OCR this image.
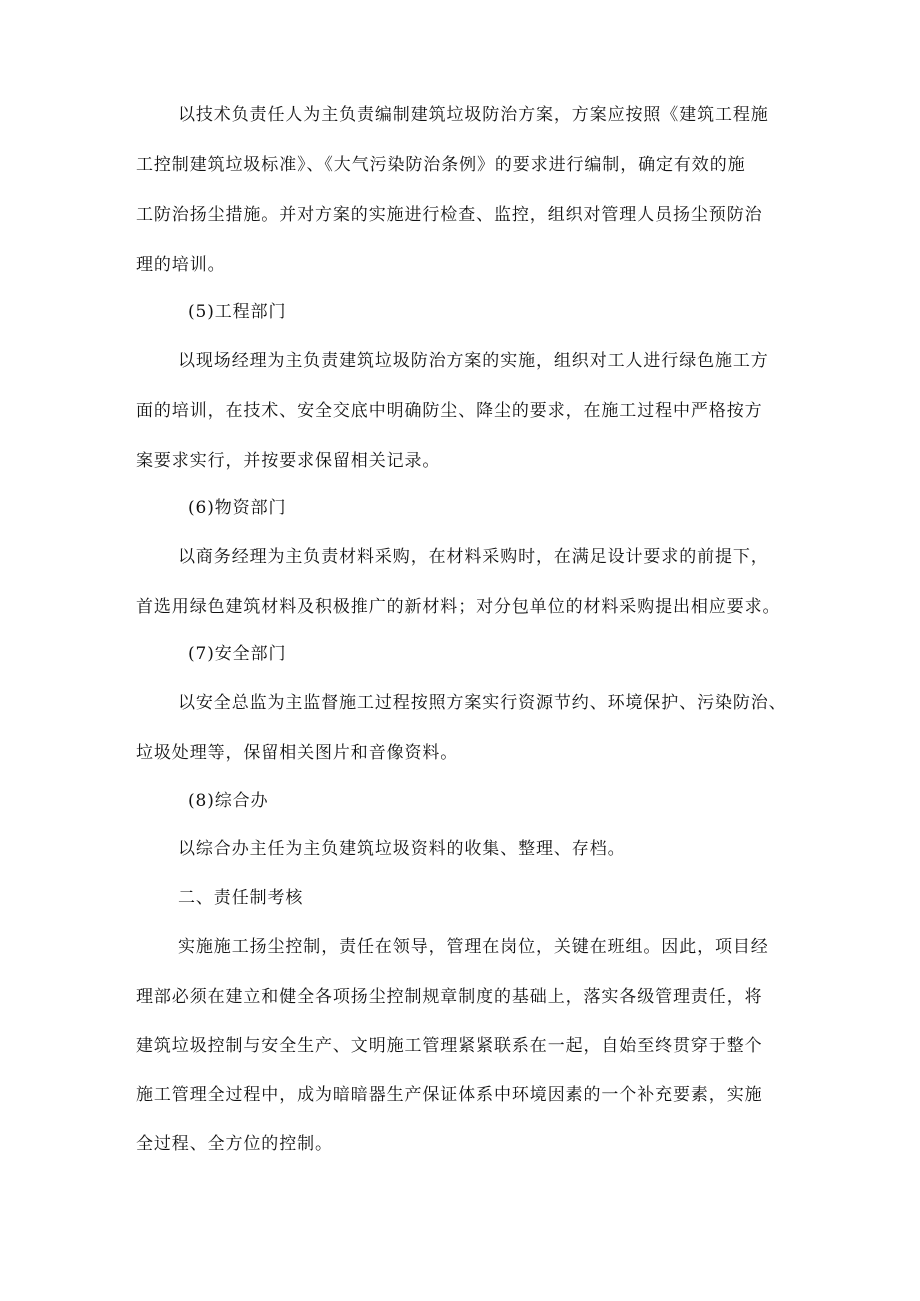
以技术负责任人为主负责编制建筑垃圾防治方案，方案应按照《建筑工程施
工控制建筑垃圾标准》、《大气污染防治条例》的要求进行编制，确定有效的施
工防治扬尘措施。并对方案的实施进行检查、监控，组织对管理人员扬尘预防治
理的培训。
(5)工程部门
以现场经理为主负责建筑垃圾防治方案的实施，组织对工人进行绿色施工方
面的培训，在技术、安全交底中明确防尘、降尘的要求，在施工过程中严格按方
案要求实行，并按要求保留相关记录。
(6)物资部门
以商务经理为主负责材料采购，在材料采购时，在满足设计要求的前提下，
首选用绿色建筑材料及积极推广的新材料；对分包单位的材料采购提出相应要求。
(7)安全部门
以安全总监为主监督施工过程按照方案实行资源节约、环境保护、污染防治、
垃圾处理等，保留相关图片和音像资料。
(8)综合办
以综合办主任为主负建筑垃圾资料的收集、整理、存档。
二、责任制考核
实施施工扬尘控制，责任在领导，管理在岗位，关键在班组。因此，项目经
理部必须在建立和健全各项扬尘控制规章制度的基础上，落实各级管理责任，将
建筑垃圾控制与安全生产、文明施工管理紧紧联系在一起，自始至终贯穿于整个
施工管理全过程中，成为暗暗器生产保证体系中环境因素的一个补充要素，实施
全过程、全方位的控制。
